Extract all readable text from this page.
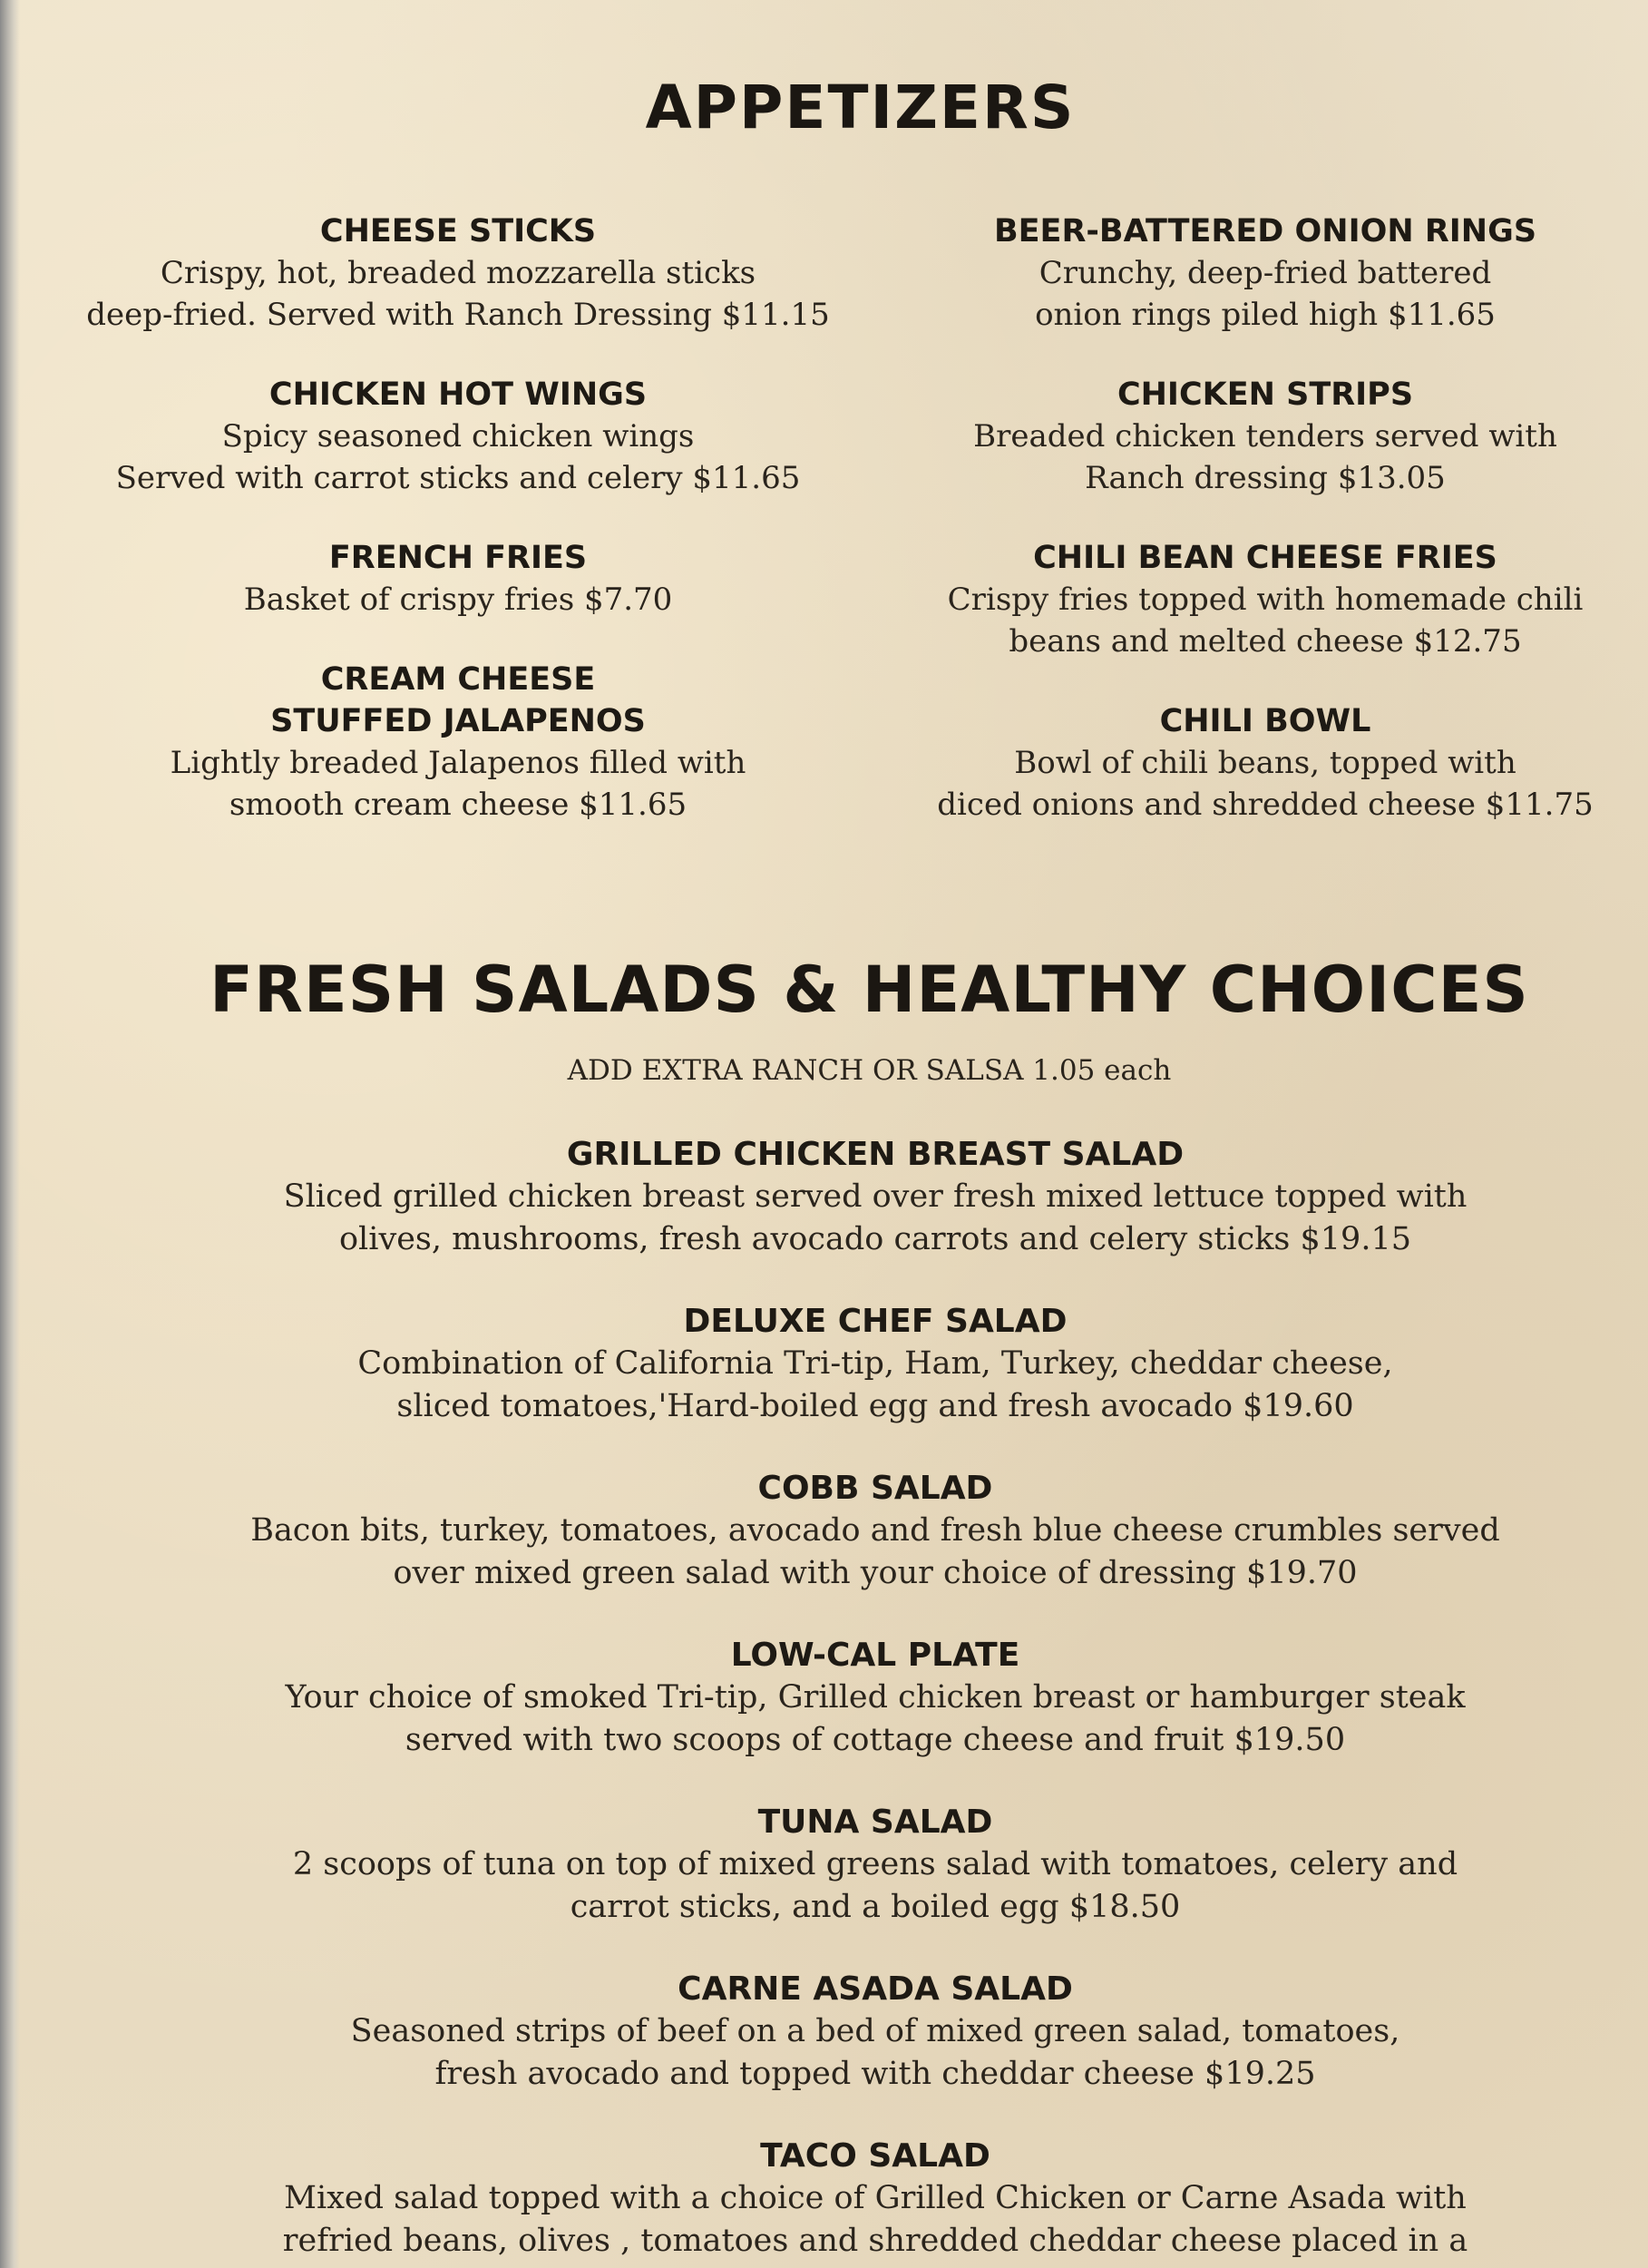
APPETIZERS
CHEESE STICKS
Crispy, hot, breaded mozzarella sticks
deep-fried. Served with Ranch Dressing $11.15
CHICKEN HOT WINGS
Spicy seasoned chicken wings
Served with carrot sticks and celery $11.65
FRENCH FRIES
Basket of crispy fries $7.70
CREAM CHEESE
STUFFED JALAPENOS
Lightly breaded Jalapenos filled with
smooth cream cheese $11.65
BEER-BATTERED ONION RINGS
Crunchy, deep-fried battered
onion rings piled high $11.65
CHICKEN STRIPS
Breaded chicken tenders served with
Ranch dressing $13.05
CHILI BEAN CHEESE FRIES
Crispy fries topped with homemade chili
beans and melted cheese $12.75
CHILI BOWL
Bowl of chili beans, topped with
diced onions and shredded cheese $11.75
FRESH SALADS & HEALTHY CHOICES
ADD EXTRA RANCH OR SALSA 1.05 each
GRILLED CHICKEN BREAST SALAD
Sliced grilled chicken breast served over fresh mixed lettuce topped with
olives, mushrooms, fresh avocado carrots and celery sticks $19.15
DELUXE CHEF SALAD
Combination of California Tri-tip, Ham, Turkey, cheddar cheese,
sliced tomatoes,'Hard-boiled egg and fresh avocado $19.60
COBB SALAD
Bacon bits, turkey, tomatoes, avocado and fresh blue cheese crumbles served
over mixed green salad with your choice of dressing $19.70
LOW-CAL PLATE
Your choice of smoked Tri-tip, Grilled chicken breast or hamburger steak
served with two scoops of cottage cheese and fruit $19.50
TUNA SALAD
2 scoops of tuna on top of mixed greens salad with tomatoes, celery and
carrot sticks, and a boiled egg $18.50
CARNE ASADA SALAD
Seasoned strips of beef on a bed of mixed green salad, tomatoes,
fresh avocado and topped with cheddar cheese $19.25
TACO SALAD
Mixed salad topped with a choice of Grilled Chicken or Carne Asada with
refried beans, olives , tomatoes and shredded cheddar cheese placed in a
